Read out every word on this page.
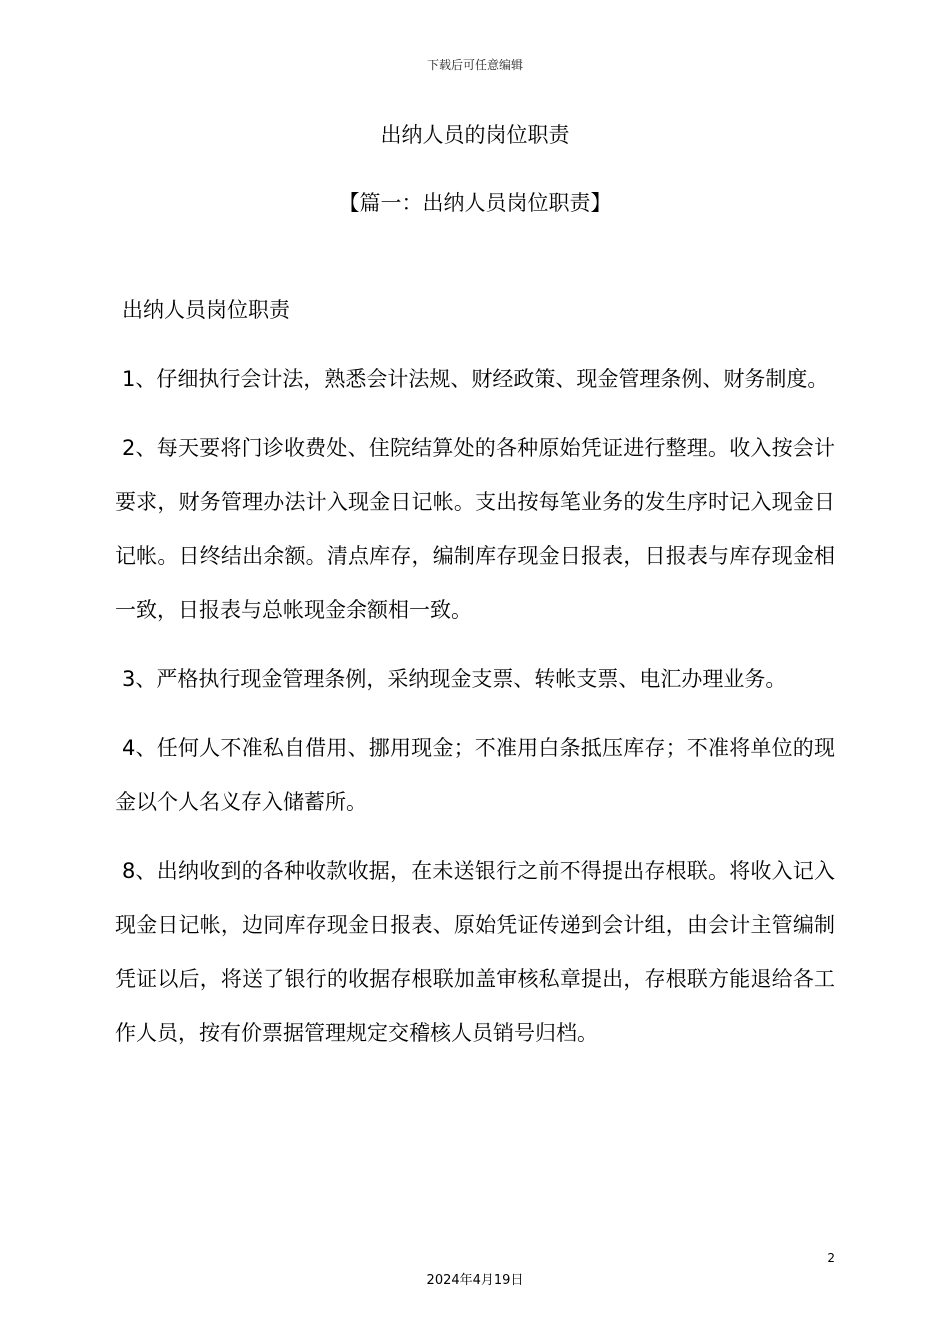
下载后可任意编辑
出纳人员的岗位职责
【篇一：出纳人员岗位职责】
出纳人员岗位职责

1、仔细执行会计法，熟悉会计法规、财经政策、现金管理条例、财务制度。

2、每天要将门诊收费处、住院结算处的各种原始凭证进行整理。收入按会计要求，财务管理办法计入现金日记帐。支出按每笔业务的发生序时记入现金日记帐。日终结出余额。清点库存，编制库存现金日报表，日报表与库存现金相一致，日报表与总帐现金余额相一致。

3、严格执行现金管理条例，采纳现金支票、转帐支票、电汇办理业务。

4、任何人不准私自借用、挪用现金；不准用白条抵压库存；不准将单位的现金以个人名义存入储蓄所。

8、出纳收到的各种收款收据，在未送银行之前不得提出存根联。将收入记入现金日记帐，边同库存现金日报表、原始凭证传递到会计组，由会计主管编制凭证以后，将送了银行的收据存根联加盖审核私章提出，存根联方能退给各工作人员，按有价票据管理规定交稽核人员销号归档。

2
2024年4月19日
